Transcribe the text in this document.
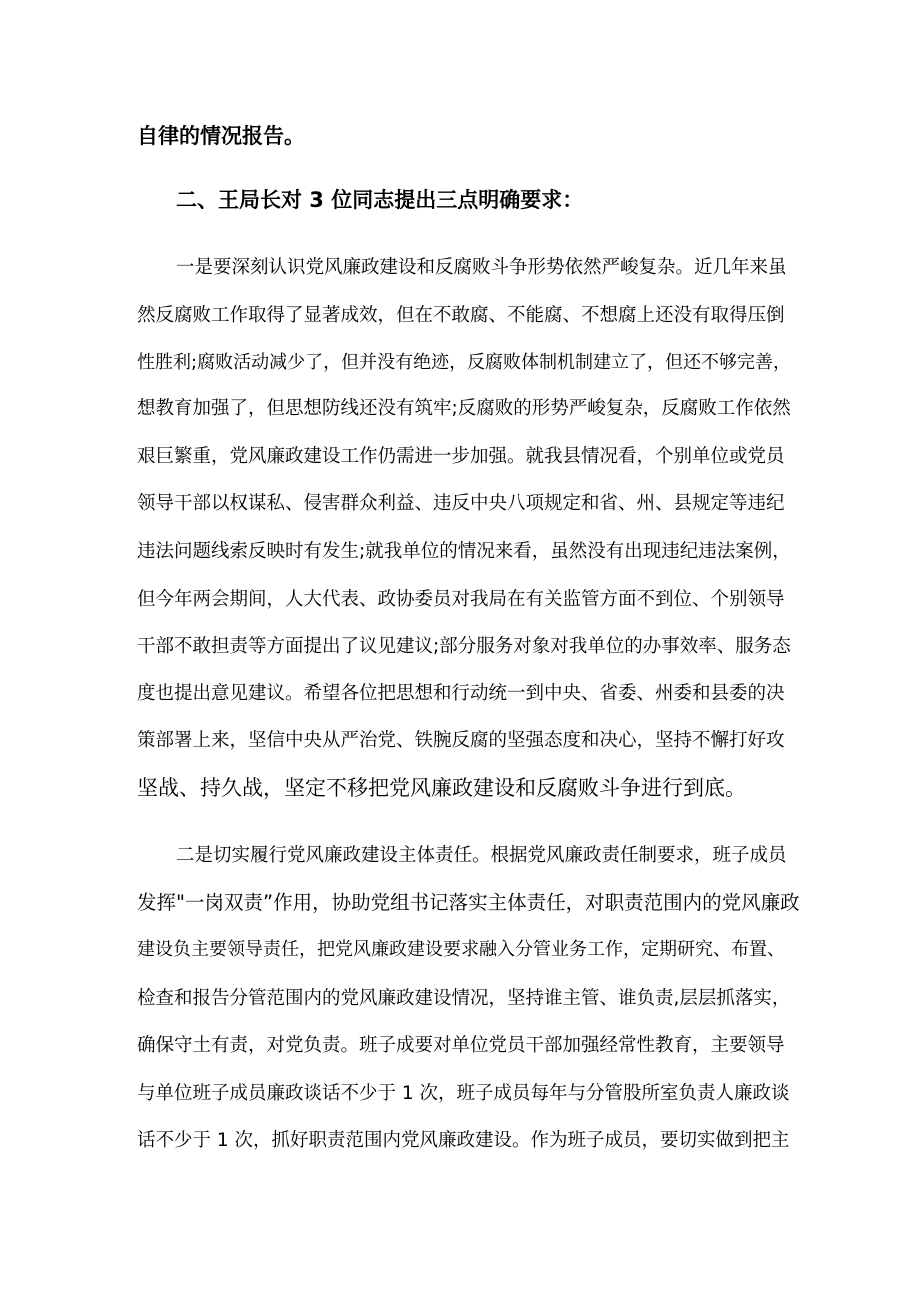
自律的情况报告。
二、王局长对 3 位同志提出三点明确要求：
一是要深刻认识党风廉政建设和反腐败斗争形势依然严峻复杂。近几年来虽
然反腐败工作取得了显著成效，但在不敢腐、不能腐、不想腐上还没有取得压倒
性胜利;腐败活动减少了，但并没有绝迹，反腐败体制机制建立了，但还不够完善，
想教育加强了，但思想防线还没有筑牢;反腐败的形势严峻复杂，反腐败工作依然
艰巨繁重，党风廉政建设工作仍需进一步加强。就我县情况看，个别单位或党员
领导干部以权谋私、侵害群众利益、违反中央八项规定和省、州、县规定等违纪
违法问题线索反映时有发生;就我单位的情况来看，虽然没有出现违纪违法案例，
但今年两会期间，人大代表、政协委员对我局在有关监管方面不到位、个别领导
干部不敢担责等方面提出了议见建议;部分服务对象对我单位的办事效率、服务态
度也提出意见建议。希望各位把思想和行动统一到中央、省委、州委和县委的决
策部署上来，坚信中央从严治党、铁腕反腐的坚强态度和决心，坚持不懈打好攻
坚战、持久战，坚定不移把党风廉政建设和反腐败斗争进行到底。
二是切实履行党风廉政建设主体责任。根据党风廉政责任制要求，班子成员
发挥"一岗双责”作用，协助党组书记落实主体责任，对职责范围内的党风廉政
建设负主要领导责任，把党风廉政建设要求融入分管业务工作，定期研究、布置、
检查和报告分管范围内的党风廉政建设情况，坚持谁主管、谁负责,层层抓落实，
确保守土有责，对党负责。班子成要对单位党员干部加强经常性教育，主要领导
与单位班子成员廉政谈话不少于 1 次，班子成员每年与分管股所室负责人廉政谈
话不少于 1 次，抓好职责范围内党风廉政建设。作为班子成员，要切实做到把主
